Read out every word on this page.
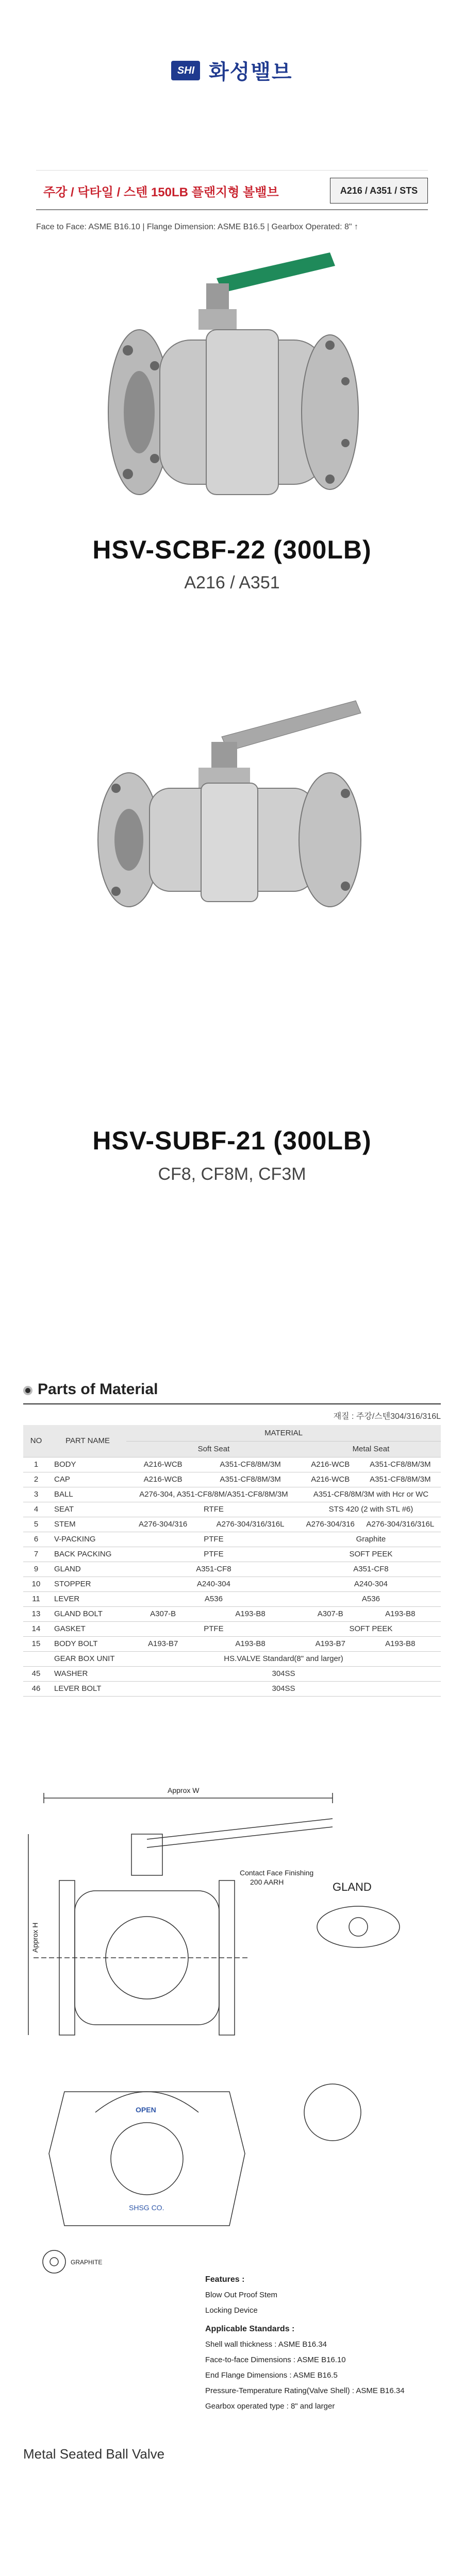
SHI 화성밸브
주강 / 닥타일 / 스텐 150LB 플랜지형 볼밸브	A216 / A351 / STS
Face to Face: ASME B16.10 | Flange Dimension: ASME B16.5 | Gearbox Operated: 8" ↑
HSV-SCBF-22 (300LB)
A216 / A351
HSV-SUBF-21 (300LB)
CF8, CF8M, CF3M
Parts of Material
재질 : 주강/스텐304/316/316L
NO	PART NAME	MATERIAL			
		Soft Seat		Metal Seat	
1	BODY	A216-WCB	A351-CF8/8M/3M	A216-WCB	A351-CF8/8M/3M
2	CAP	A216-WCB	A351-CF8/8M/3M	A216-WCB	A351-CF8/8M/3M
3	BALL	A276-304, A351-CF8/8M/A351-CF8/8M/3M		A351-CF8/8M/3M with Hcr or WC	
4	SEAT	RTFE		STS 420 (2 with STL #6)	
5	STEM	A276-304/316	A276-304/316/316L	A276-304/316	A276-304/316/316L
6	V-PACKING	PTFE		Graphite	
7	BACK PACKING	PTFE		SOFT PEEK	
9	GLAND	A351-CF8		A351-CF8	
10	STOPPER	A240-304		A240-304	
11	LEVER	A536		A536	
13	GLAND BOLT	A307-B	A193-B8	A307-B	A193-B8
14	GASKET	PTFE		SOFT PEEK	
15	BODY BOLT	A193-B7	A193-B8	A193-B7	A193-B8
	GEAR BOX UNIT	HS.VALVE Standard(8" and larger)			
45	WASHER	304SS			
46	LEVER BOLT	304SS			
Approx W
Approx H
Contact Face Finishing
200 AARH	GLAND
OPEN
SHSG CO.
GRAPHITE
Features :
Blow Out Proof Stem
Locking Device
Applicable Standards :
Shell wall thickness : ASME B16.34
Face-to-face Dimensions : ASME B16.10
End Flange Dimensions : ASME B16.5
Pressure-Temperature Rating(Valve Shell) : ASME B16.34
Gearbox operated type : 8" and larger
Metal Seated Ball Valve
